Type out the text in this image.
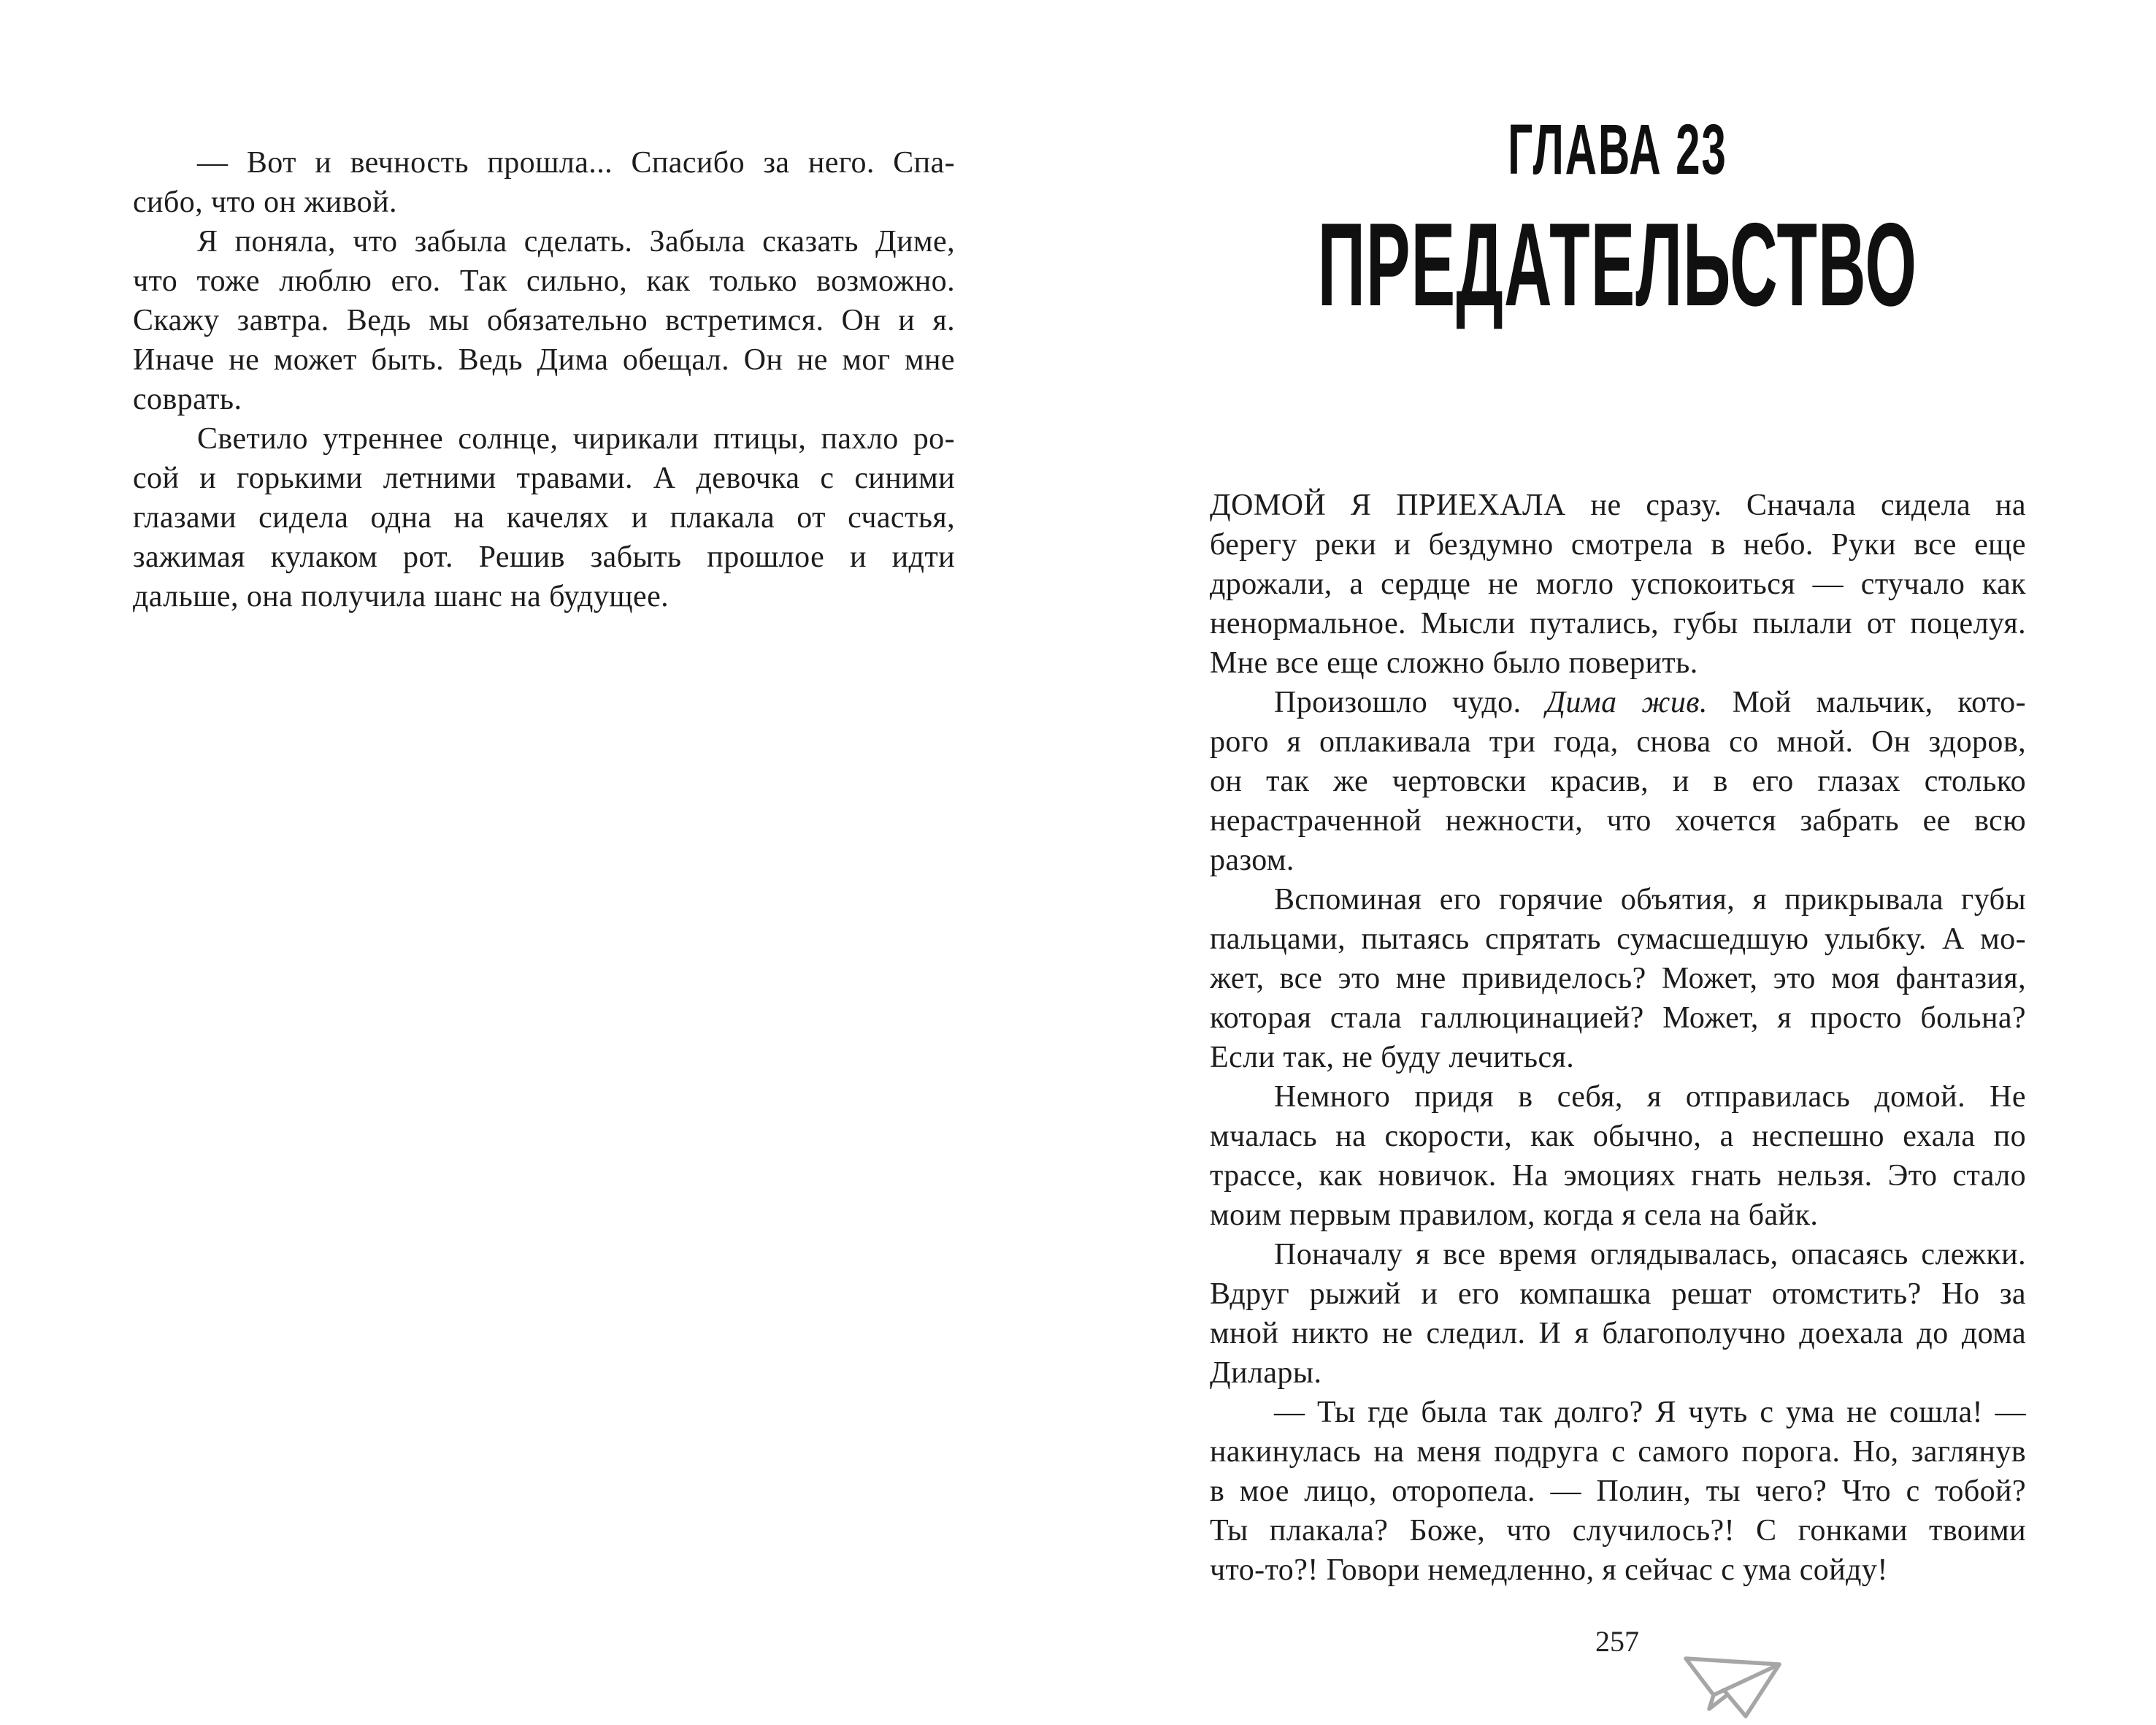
— Вот и вечность прошла... Спасибо за него. Спа-
сибо, что он живой.
Я поняла, что забыла сделать. Забыла сказать Диме,
что тоже люблю его. Так сильно, как только возможно.
Скажу завтра. Ведь мы обязательно встретимся. Он и я.
Иначе не может быть. Ведь Дима обещал. Он не мог мне
соврать.
Светило утреннее солнце, чирикали птицы, пахло ро-
сой и горькими летними травами. А девочка с синими
глазами сидела одна на качелях и плакала от счастья,
зажимая кулаком рот. Решив забыть прошлое и идти
дальше, она получила шанс на будущее.
ГЛАВА 23
ПРЕДАТЕЛЬСТВО
ДОМОЙ Я ПРИЕХАЛА не сразу. Сначала сидела на
берегу реки и бездумно смотрела в небо. Руки все еще
дрожали, а сердце не могло успокоиться — стучало как
ненормальное. Мысли путались, губы пылали от поцелуя.
Мне все еще сложно было поверить.
Произошло чудо. Дима жив. Мой мальчик, кото-
рого я оплакивала три года, снова со мной. Он здоров,
он так же чертовски красив, и в его глазах столько
нерастраченной нежности, что хочется забрать ее всю
разом.
Вспоминая его горячие объятия, я прикрывала губы
пальцами, пытаясь спрятать сумасшедшую улыбку. А мо-
жет, все это мне привиделось? Может, это моя фантазия,
которая стала галлюцинацией? Может, я просто больна?
Если так, не буду лечиться.
Немного придя в себя, я отправилась домой. Не
мчалась на скорости, как обычно, а неспешно ехала по
трассе, как новичок. На эмоциях гнать нельзя. Это стало
моим первым правилом, когда я села на байк.
Поначалу я все время оглядывалась, опасаясь слежки.
Вдруг рыжий и его компашка решат отомстить? Но за
мной никто не следил. И я благополучно доехала до дома
Дилары.
— Ты где была так долго? Я чуть с ума не сошла! —
накинулась на меня подруга с самого порога. Но, заглянув
в мое лицо, оторопела. — Полин, ты чего? Что с тобой?
Ты плакала? Боже, что случилось?! С гонками твоими
что-то?! Говори немедленно, я сейчас с ума сойду!
257
